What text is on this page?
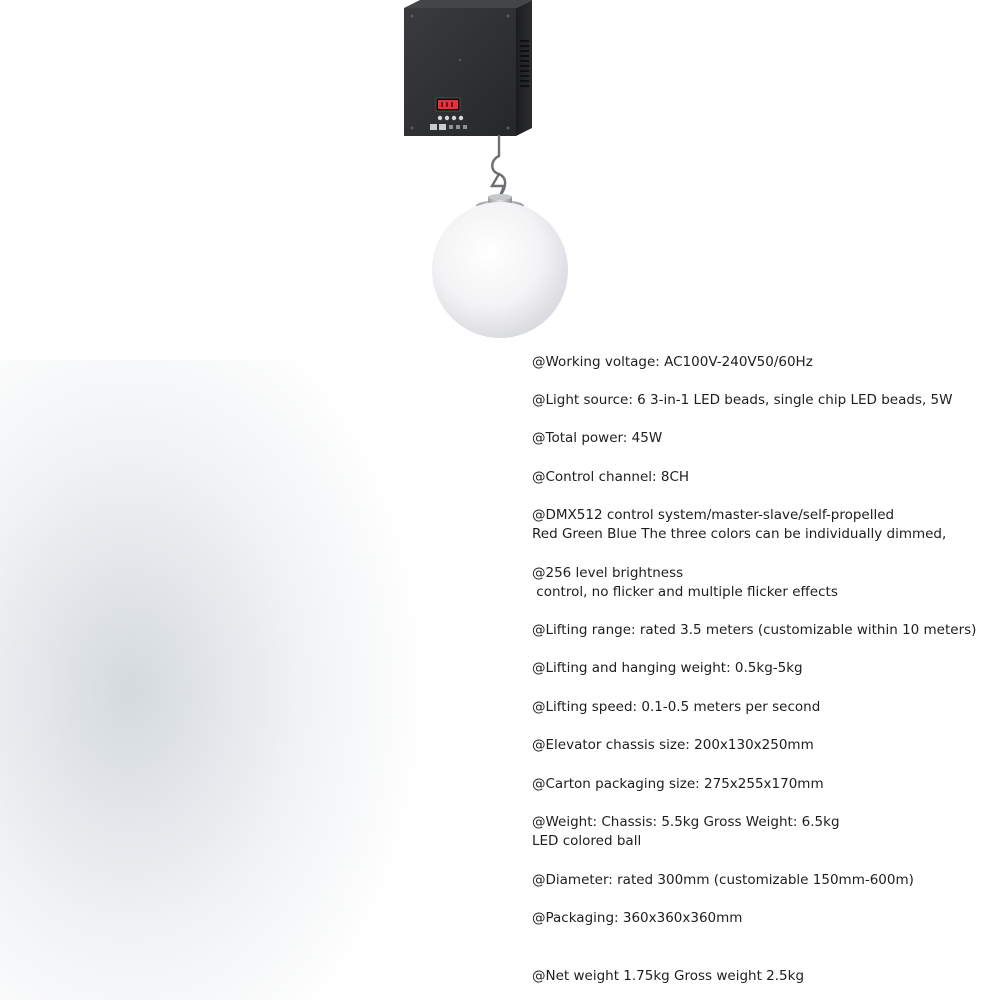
@Working voltage: AC100V-240V50/60Hz
@Light source: 6 3-in-1 LED beads, single chip LED beads, 5W
@Total power: 45W
@Control channel: 8CH
@DMX512 control system/master-slave/self-propelled
Red Green Blue The three colors can be individually dimmed,
@256 level brightness
control, no flicker and multiple flicker effects
@Lifting range: rated 3.5 meters (customizable within 10 meters)
@Lifting and hanging weight: 0.5kg-5kg
@Lifting speed: 0.1-0.5 meters per second
@Elevator chassis size: 200x130x250mm
@Carton packaging size: 275x255x170mm
@Weight: Chassis: 5.5kg Gross Weight: 6.5kg
LED colored ball
@Diameter: rated 300mm (customizable 150mm-600m)
@Packaging: 360x360x360mm
@Net weight 1.75kg Gross weight 2.5kg
